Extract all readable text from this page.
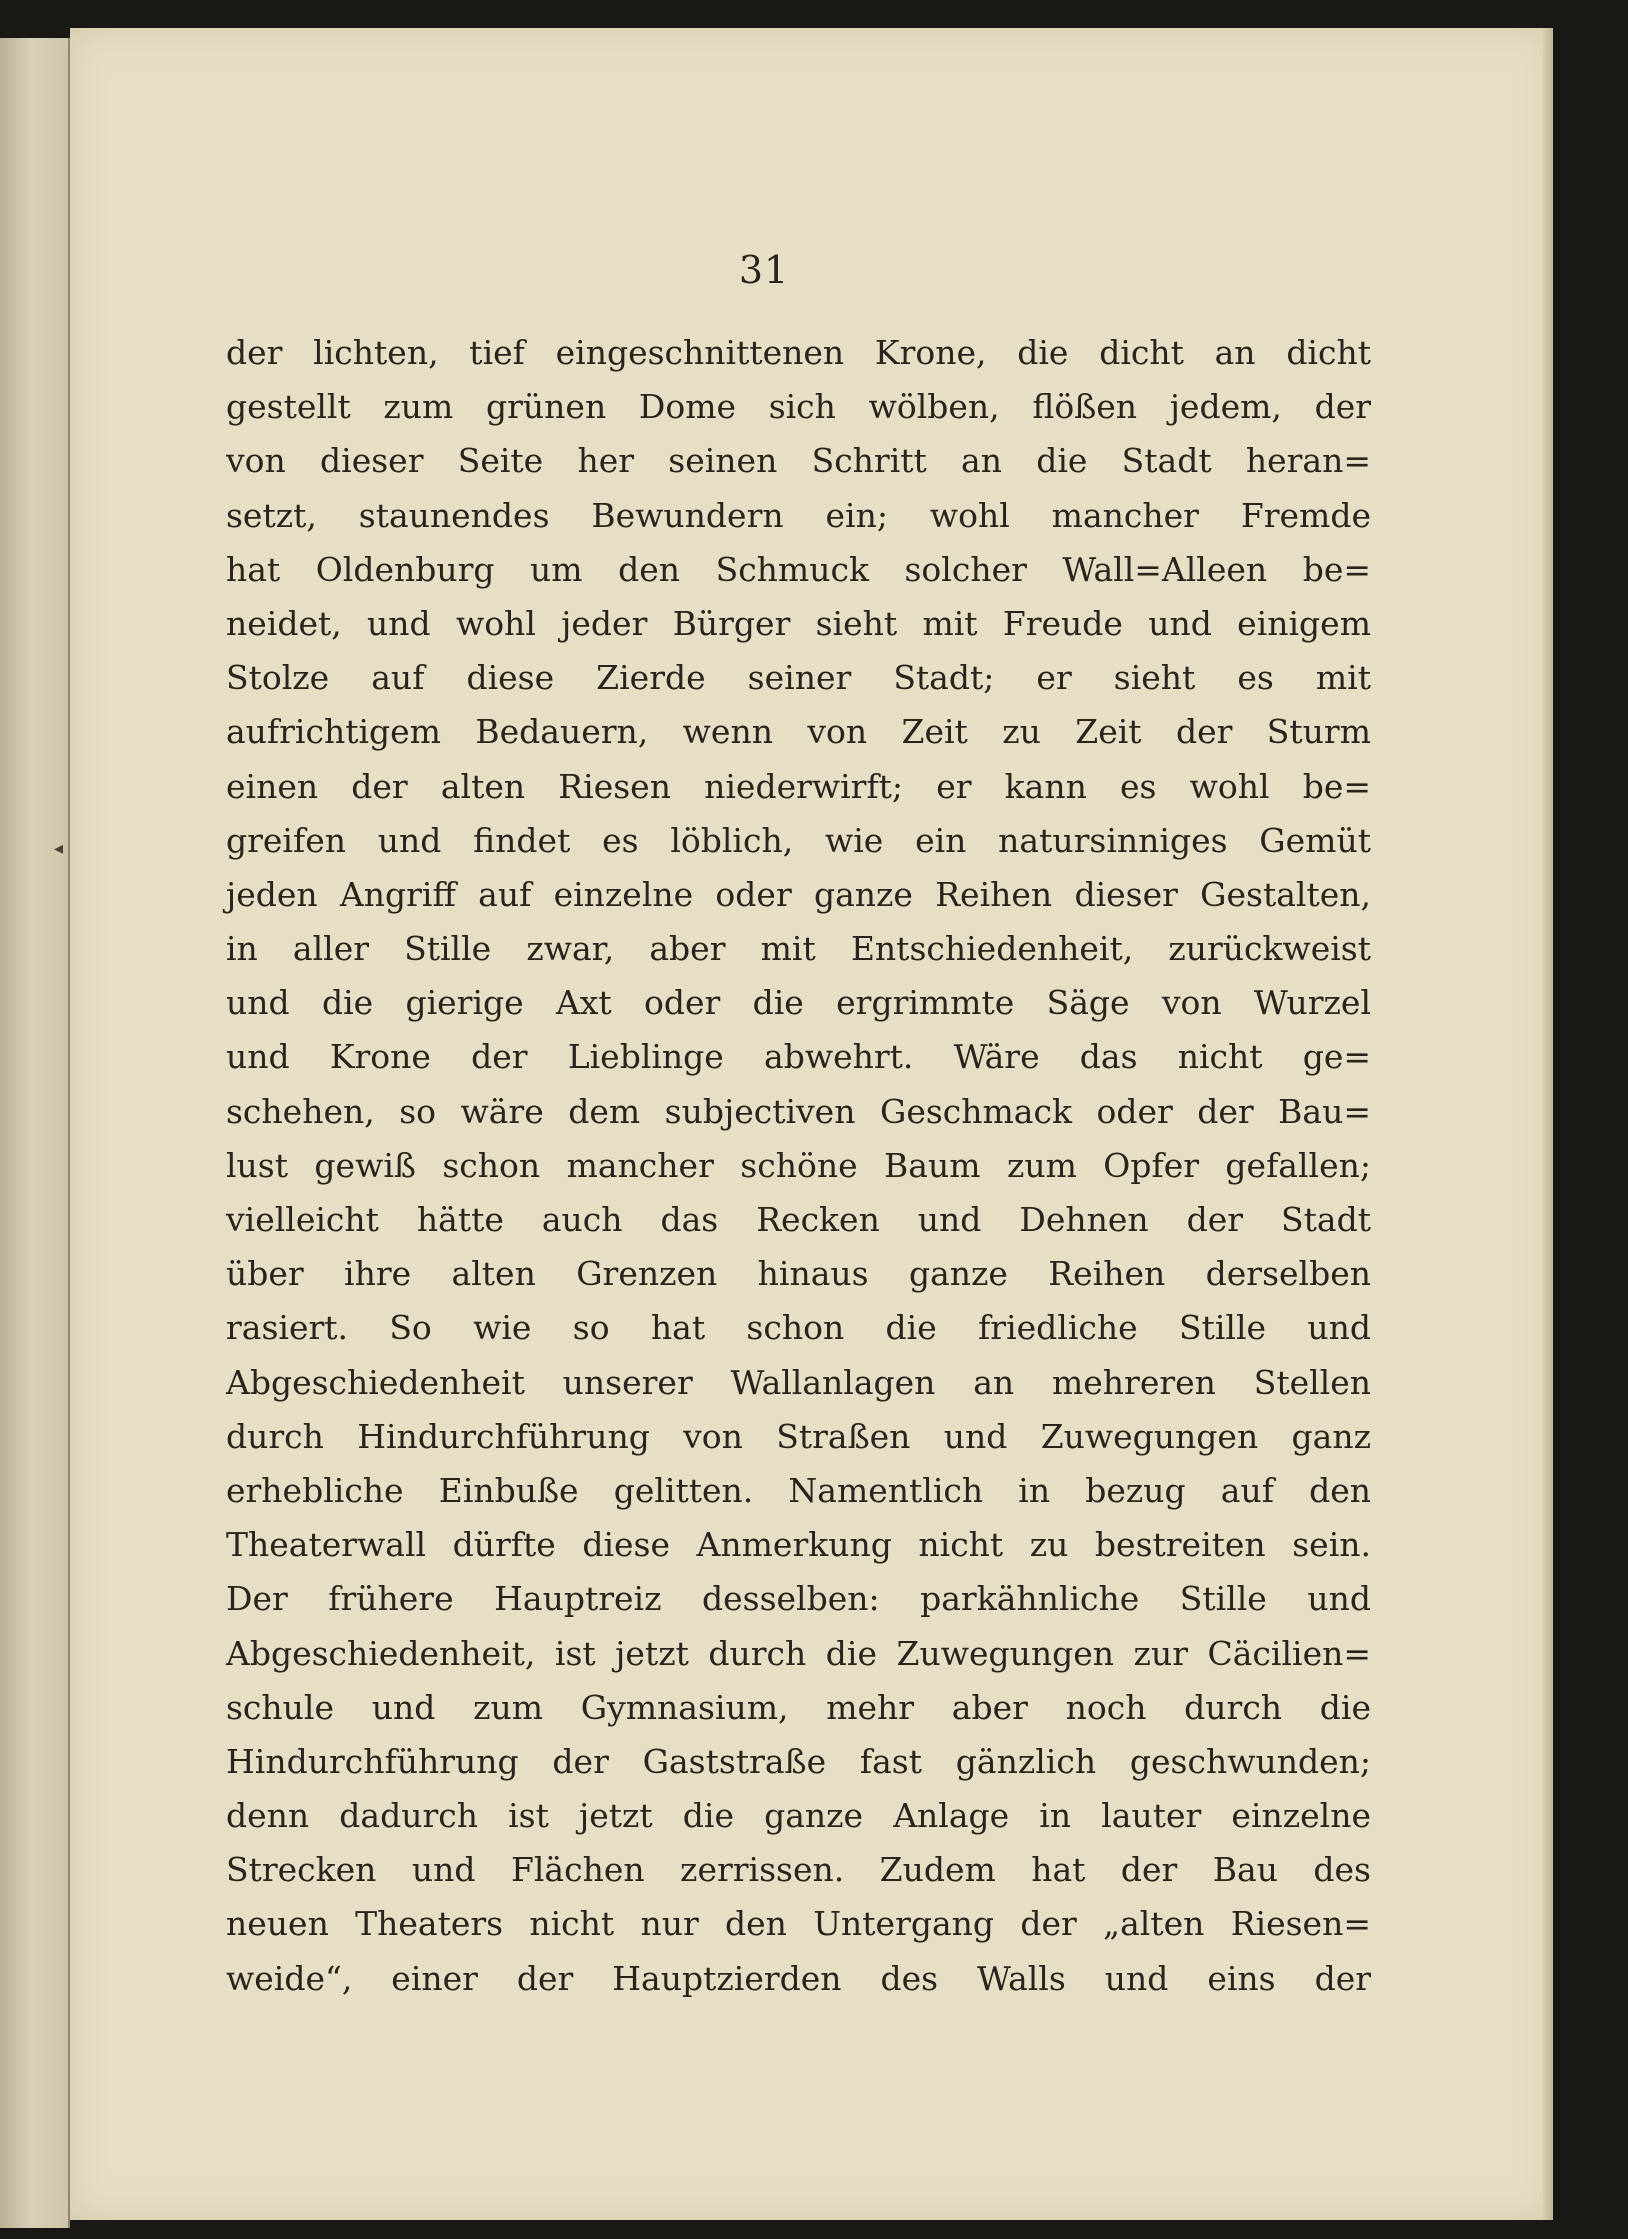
◂
31
der lichten, tief eingeschnittenen Krone, die dicht an dicht
gestellt zum grünen Dome sich wölben, flößen jedem, der
von dieser Seite her seinen Schritt an die Stadt heran=
setzt, staunendes Bewundern ein; wohl mancher Fremde
hat Oldenburg um den Schmuck solcher Wall=Alleen be=
neidet, und wohl jeder Bürger sieht mit Freude und einigem
Stolze auf diese Zierde seiner Stadt; er sieht es mit
aufrichtigem Bedauern, wenn von Zeit zu Zeit der Sturm
einen der alten Riesen niederwirft; er kann es wohl be=
greifen und findet es löblich, wie ein natursinniges Gemüt
jeden Angriff auf einzelne oder ganze Reihen dieser Gestalten,
in aller Stille zwar, aber mit Entschiedenheit, zurückweist
und die gierige Axt oder die ergrimmte Säge von Wurzel
und Krone der Lieblinge abwehrt. Wäre das nicht ge=
schehen, so wäre dem subjectiven Geschmack oder der Bau=
lust gewiß schon mancher schöne Baum zum Opfer gefallen;
vielleicht hätte auch das Recken und Dehnen der Stadt
über ihre alten Grenzen hinaus ganze Reihen derselben
rasiert. So wie so hat schon die friedliche Stille und
Abgeschiedenheit unserer Wallanlagen an mehreren Stellen
durch Hindurchführung von Straßen und Zuwegungen ganz
erhebliche Einbuße gelitten. Namentlich in bezug auf den
Theaterwall dürfte diese Anmerkung nicht zu bestreiten sein.
Der frühere Hauptreiz desselben: parkähnliche Stille und
Abgeschiedenheit, ist jetzt durch die Zuwegungen zur Cäcilien=
schule und zum Gymnasium, mehr aber noch durch die
Hindurchführung der Gaststraße fast gänzlich geschwunden;
denn dadurch ist jetzt die ganze Anlage in lauter einzelne
Strecken und Flächen zerrissen. Zudem hat der Bau des
neuen Theaters nicht nur den Untergang der „alten Riesen=
weide“, einer der Hauptzierden des Walls und eins der
